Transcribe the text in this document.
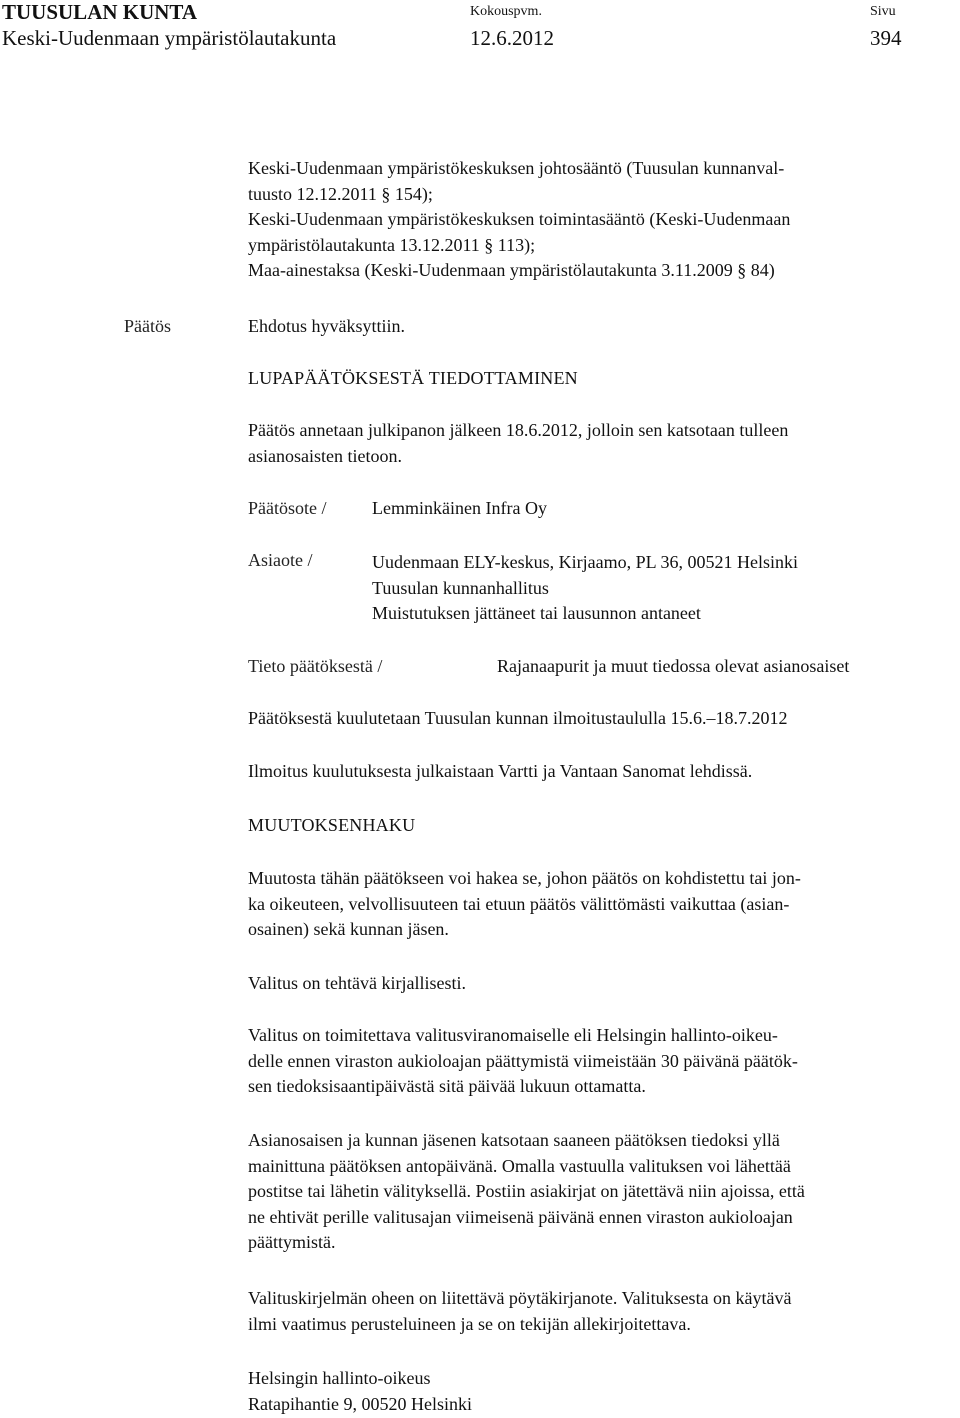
TUUSULAN KUNTA
Keski-Uudenmaan ympäristölautakunta
Kokouspvm.
12.6.2012
Sivu
394
Keski-Uudenmaan ympäristökeskuksen johtosääntö (Tuusulan kunnanval-
tuusto 12.12.2011 § 154);
Keski-Uudenmaan ympäristökeskuksen toimintasääntö (Keski-Uudenmaan
ympäristölautakunta 13.12.2011 § 113);
Maa-ainestaksa (Keski-Uudenmaan ympäristölautakunta 3.11.2009 § 84)
Päätös	Ehdotus hyväksyttiin.
LUPAPÄÄTÖKSESTÄ TIEDOTTAMINEN
Päätös annetaan julkipanon jälkeen 18.6.2012, jolloin sen katsotaan tulleen
asianosaisten tietoon.
Päätösote /	Lemminkäinen Infra Oy
Asiaote /	Uudenmaan ELY-keskus, Kirjaamo, PL 36, 00521 Helsinki
Tuusulan kunnanhallitus
Muistutuksen jättäneet tai lausunnon antaneet
Tieto päätöksestä /	Rajanaapurit ja muut tiedossa olevat asianosaiset
Päätöksestä kuulutetaan Tuusulan kunnan ilmoitustaululla 15.6.–18.7.2012
Ilmoitus kuulutuksesta julkaistaan Vartti ja Vantaan Sanomat lehdissä.
MUUTOKSENHAKU
Muutosta tähän päätökseen voi hakea se, johon päätös on kohdistettu tai jon-
ka oikeuteen, velvollisuuteen tai etuun päätös välittömästi vaikuttaa (asian-
osainen) sekä kunnan jäsen.
Valitus on tehtävä kirjallisesti.
Valitus on toimitettava valitusviranomaiselle eli Helsingin hallinto-oikeu-
delle ennen viraston aukioloajan päättymistä viimeistään 30 päivänä päätök-
sen tiedoksisaantipäivästä sitä päivää lukuun ottamatta.
Asianosaisen ja kunnan jäsenen katsotaan saaneen päätöksen tiedoksi yllä
mainittuna päätöksen antopäivänä. Omalla vastuulla valituksen voi lähettää
postitse tai lähetin välityksellä. Postiin asiakirjat on jätettävä niin ajoissa, että
ne ehtivät perille valitusajan viimeisenä päivänä ennen viraston aukioloajan
päättymistä.
Valituskirjelmän oheen on liitettävä pöytäkirjanote. Valituksesta on käytävä
ilmi vaatimus perusteluineen ja se on tekijän allekirjoitettava.
Helsingin hallinto-oikeus
Ratapihantie 9, 00520 Helsinki
